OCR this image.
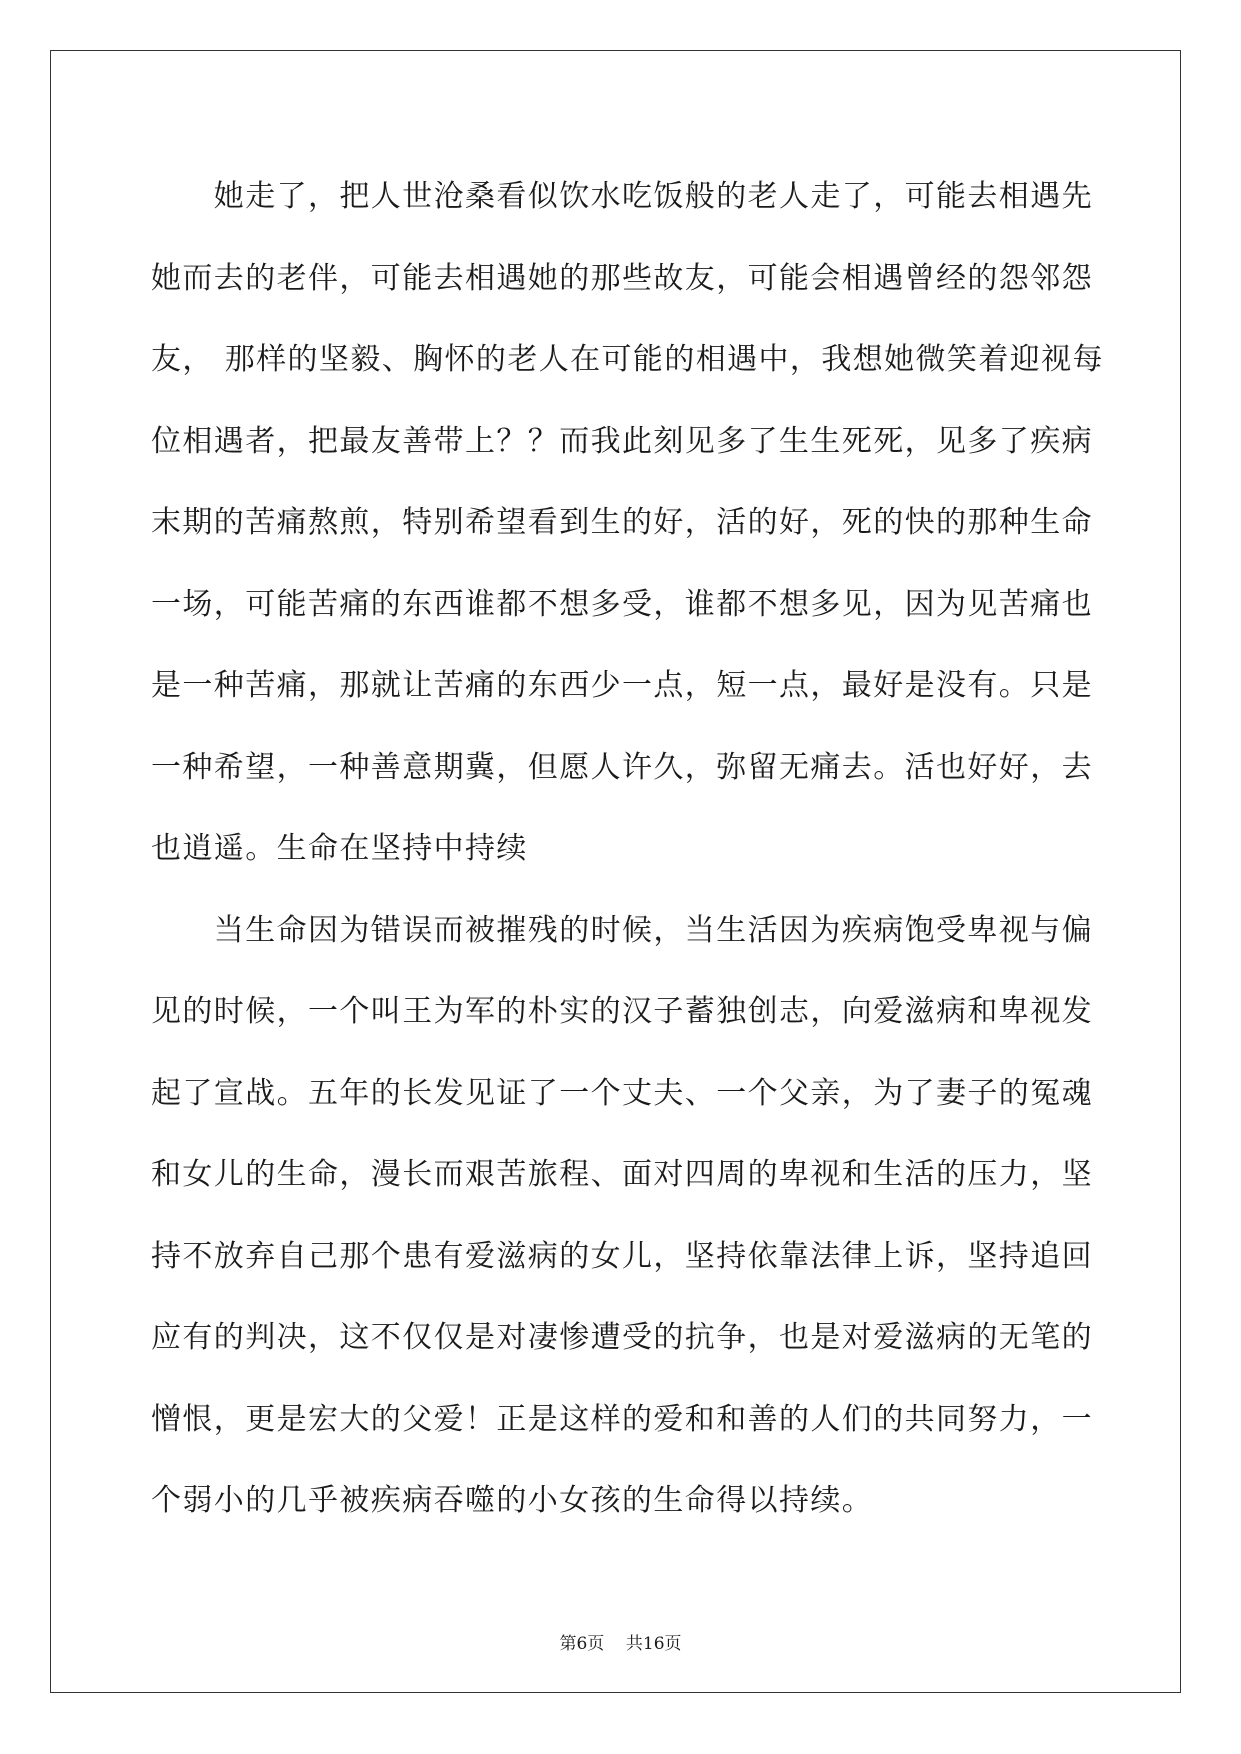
　　她走了，把人世沧桑看似饮水吃饭般的老人走了，可能去相遇先
她而去的老伴，可能去相遇她的那些故友，可能会相遇曾经的怨邻怨
友， 那样的坚毅、胸怀的老人在可能的相遇中，我想她微笑着迎视每
位相遇者，把最友善带上？？而我此刻见多了生生死死，见多了疾病
末期的苦痛熬煎，特别希望看到生的好，活的好，死的快的那种生命
一场，可能苦痛的东西谁都不想多受，谁都不想多见，因为见苦痛也
是一种苦痛，那就让苦痛的东西少一点，短一点，最好是没有。只是
一种希望，一种善意期冀，但愿人许久，弥留无痛去。活也好好，去
也逍遥。生命在坚持中持续
　　当生命因为错误而被摧残的时候，当生活因为疾病饱受卑视与偏
见的时候，一个叫王为军的朴实的汉子蓄独创志，向爱滋病和卑视发
起了宣战。五年的长发见证了一个丈夫、一个父亲，为了妻子的冤魂
和女儿的生命，漫长而艰苦旅程、面对四周的卑视和生活的压力，坚
持不放弃自己那个患有爱滋病的女儿，坚持依靠法律上诉，坚持追回
应有的判决，这不仅仅是对凄惨遭受的抗争，也是对爱滋病的无笔的
憎恨，更是宏大的父爱！正是这样的爱和和善的人们的共同努力，一
个弱小的几乎被疾病吞噬的小女孩的生命得以持续。
第6页    共16页
